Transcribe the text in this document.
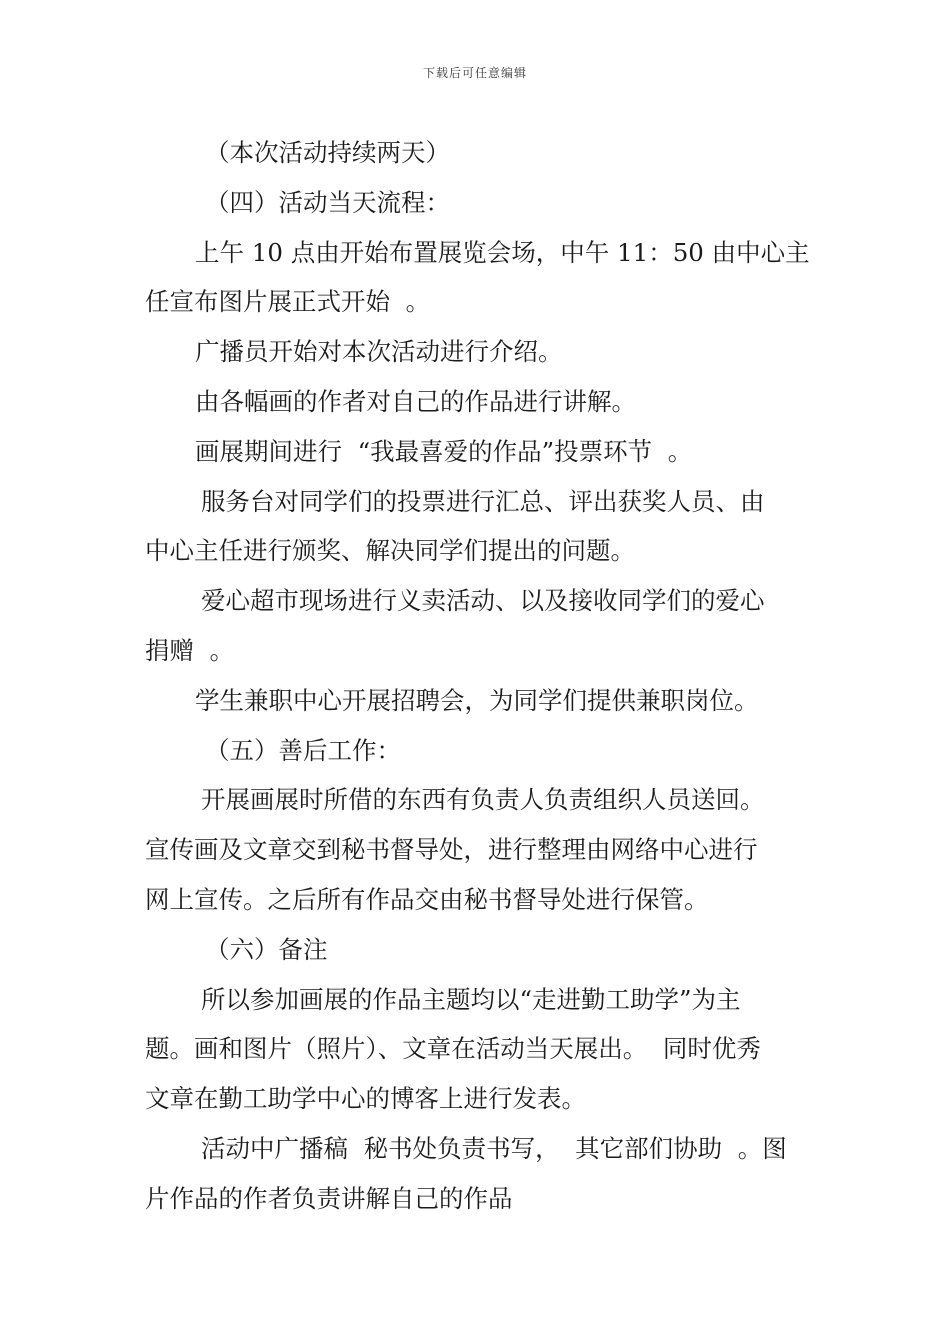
下载后可任意编辑
（本次活动持续两天）
（四）活动当天流程：
上午 10 点由开始布置展览会场，中午 11：50 由中心主
任宣布图片展正式开始  。
广播员开始对本次活动进行介绍。
由各幅画的作者对自己的作品进行讲解。
画展期间进行  “我最喜爱的作品”投票环节  。
服务台对同学们的投票进行汇总、评出获奖人员、由
中心主任进行颁奖、解决同学们提出的问题。
爱心超市现场进行义卖活动、以及接收同学们的爱心
捐赠  。
学生兼职中心开展招聘会，为同学们提供兼职岗位。
（五）善后工作：
开展画展时所借的东西有负责人负责组织人员送回。
宣传画及文章交到秘书督导处，进行整理由网络中心进行
网上宣传。之后所有作品交由秘书督导处进行保管。
（六）备注
所以参加画展的作品主题均以“走进勤工助学”为主
题。画和图片（照片）、文章在活动当天展出。  同时优秀
文章在勤工助学中心的博客上进行发表。
活动中广播稿  秘书处负责书写，  其它部们协助  。图
片作品的作者负责讲解自己的作品
